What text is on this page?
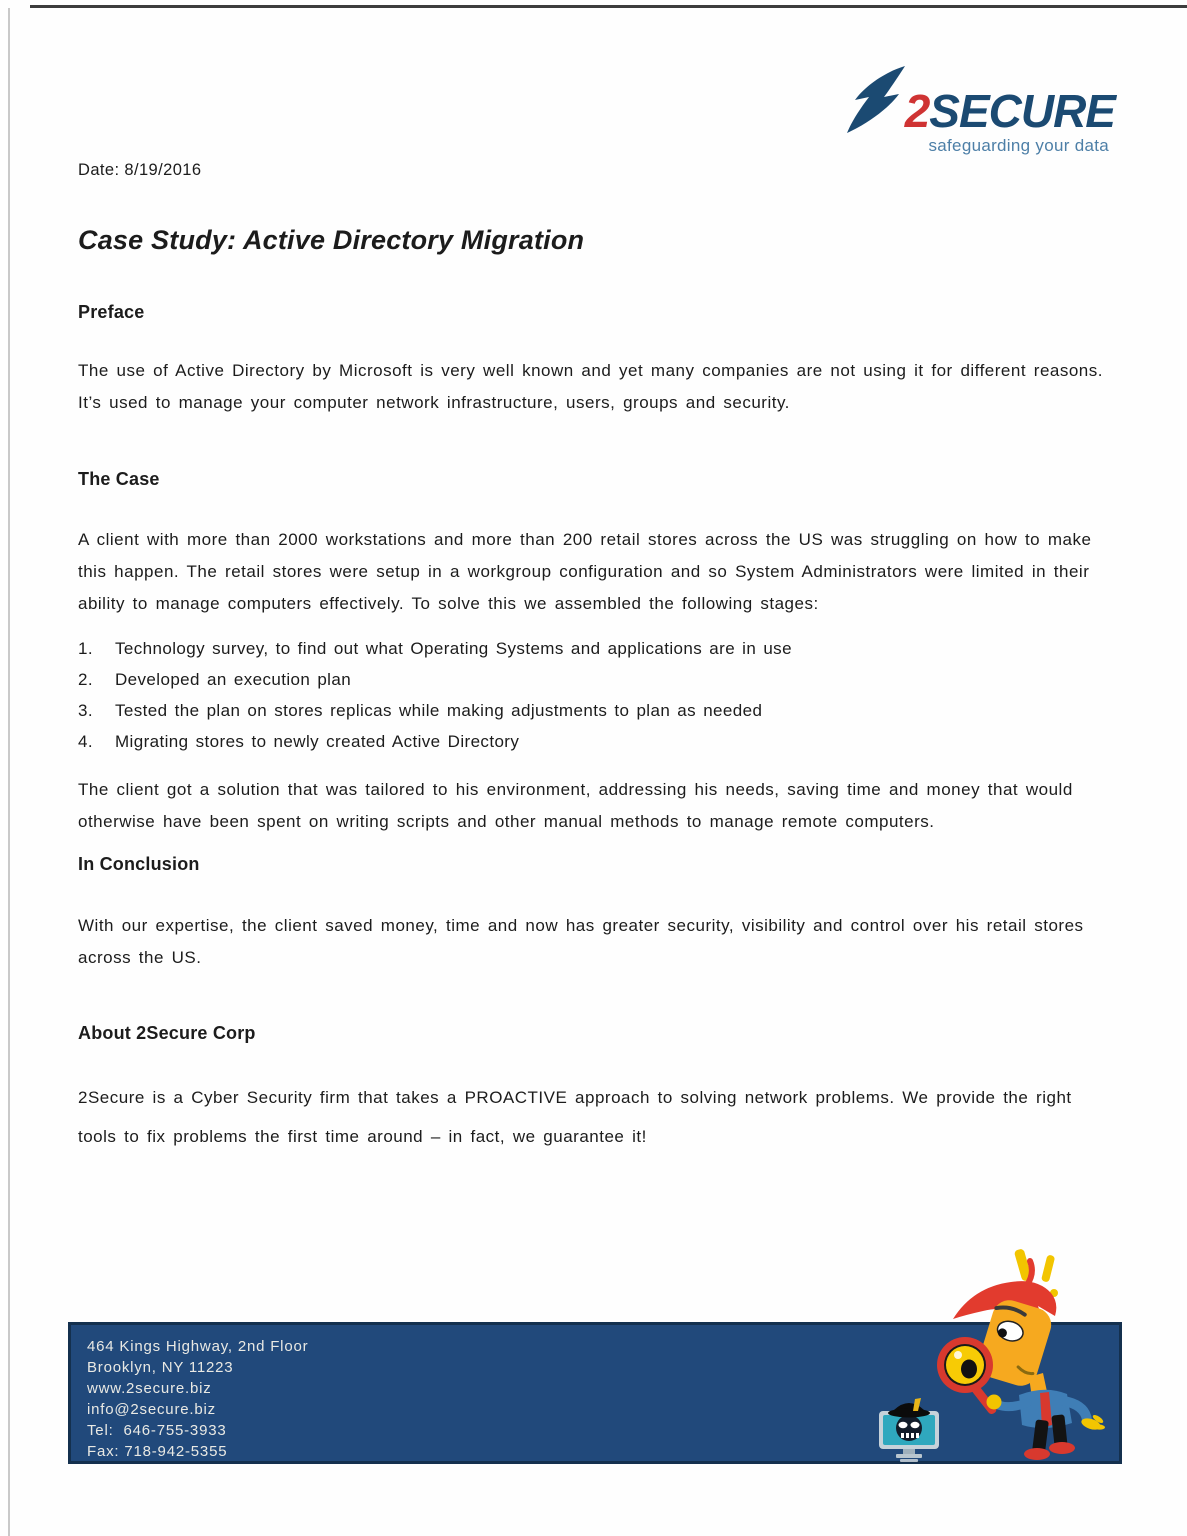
2 SECURE
safeguarding your data
Date: 8/19/2016
Case Study: Active Directory Migration
Preface
The use of Active Directory by Microsoft is very well known and yet many companies are not using it for different reasons. It’s used to manage your computer network infrastructure, users, groups and security.
The Case
A client with more than 2000 workstations and more than 200 retail stores across the US was struggling on how to make this happen. The retail stores were setup in a workgroup configuration and so System Administrators were limited in their ability to manage computers effectively. To solve this we assembled the following stages:
1.	Technology survey, to find out what Operating Systems and applications are in use
2.	Developed an execution plan
3.	Tested the plan on stores replicas while making adjustments to plan as needed
4.	Migrating stores to newly created Active Directory
The client got a solution that was tailored to his environment, addressing his needs, saving time and money that would otherwise have been spent on writing scripts and other manual methods to manage remote computers.
In Conclusion
With our expertise, the client saved money, time and now has greater security, visibility and control over his retail stores across the US.
About 2Secure Corp
2Secure is a Cyber Security firm that takes a PROACTIVE approach to solving network problems. We provide the right tools to fix problems the first time around – in fact, we guarantee it!
464 Kings Highway, 2nd Floor
Brooklyn, NY 11223
www.2secure.biz
info@2secure.biz
Tel:  646-755-3933
Fax: 718-942-5355
